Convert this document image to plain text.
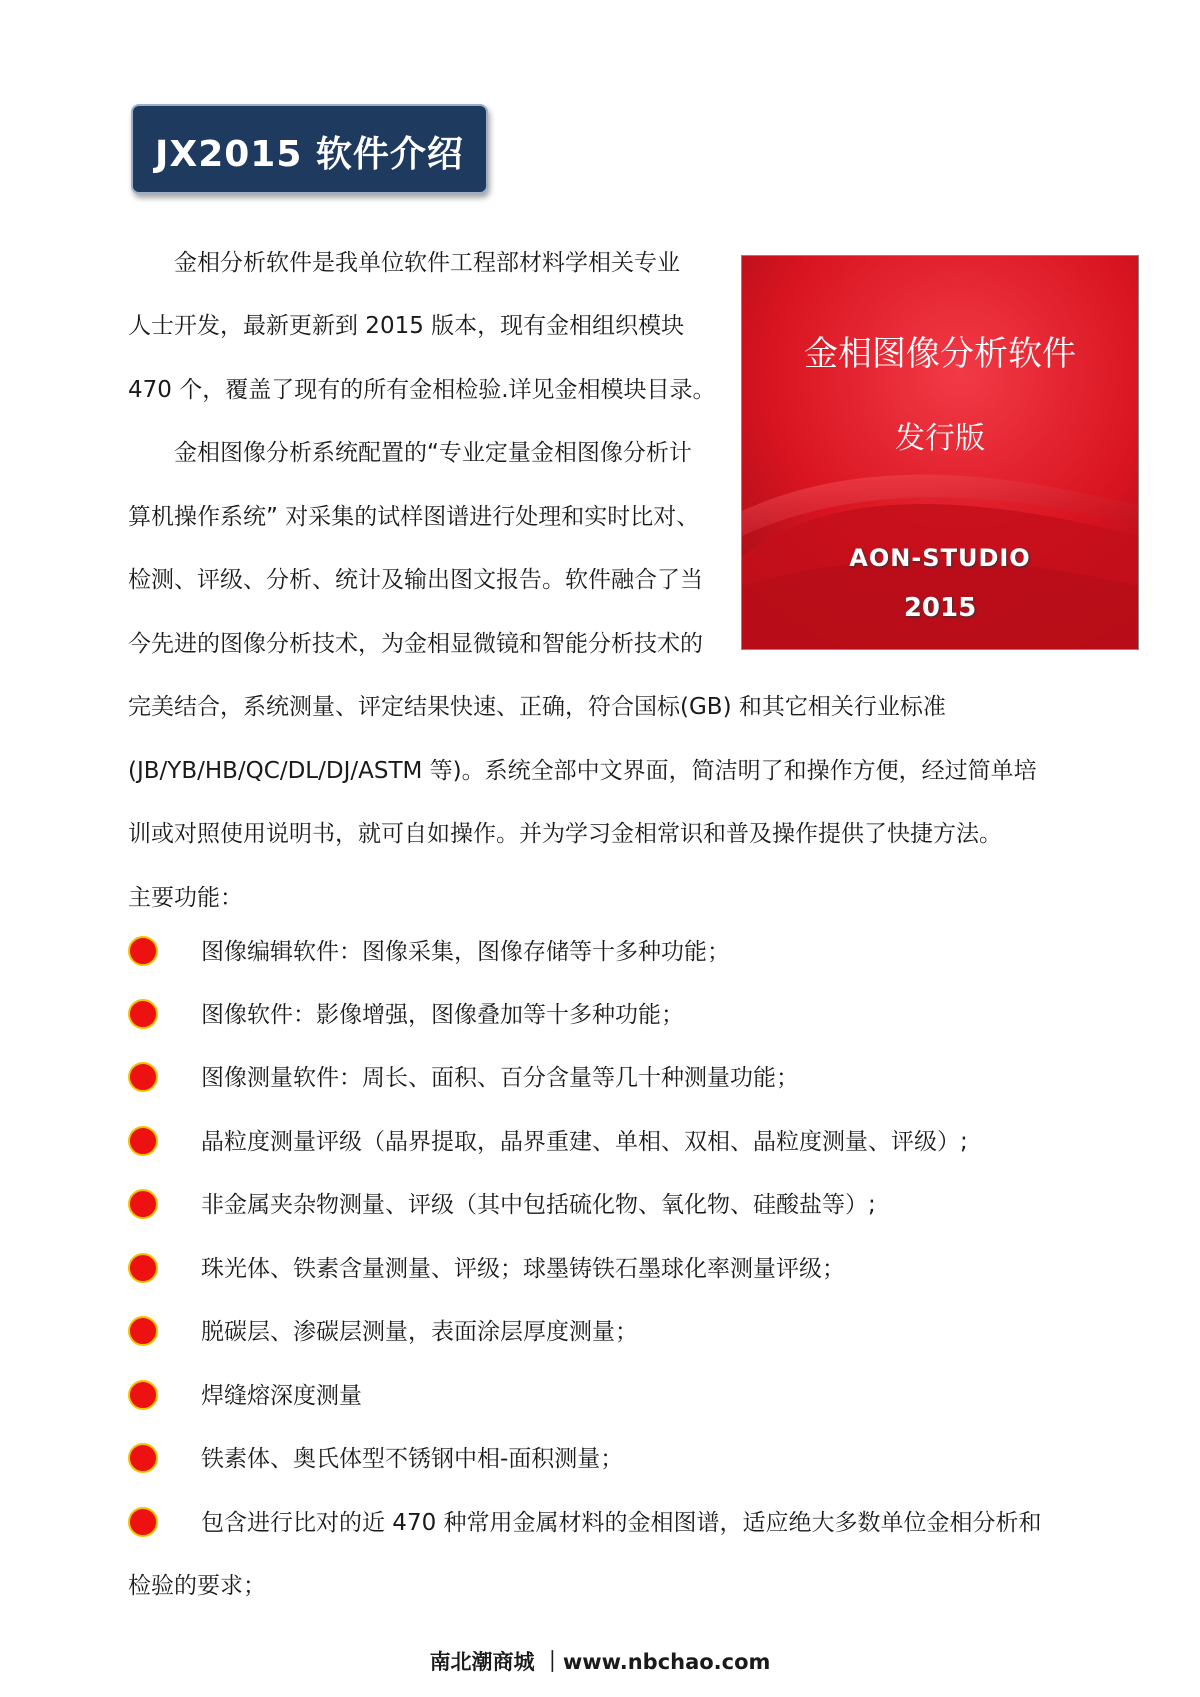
JX2015 软件介绍
　　金相分析软件是我单位软件工程部材料学相关专业
人士开发，最新更新到 2015 版本，现有金相组织模块
470 个，覆盖了现有的所有金相检验.详见金相模块目录。
　　金相图像分析系统配置的“专业定量金相图像分析计
算机操作系统” 对采集的试样图谱进行处理和实时比对、
检测、评级、分析、统计及输出图文报告。软件融合了当
今先进的图像分析技术，为金相显微镜和智能分析技术的
完美结合，系统测量、评定结果快速、正确，符合国标(GB) 和其它相关行业标准
(JB/YB/HB/QC/DL/DJ/ASTM 等)。系统全部中文界面，简洁明了和操作方便，经过简单培
训或对照使用说明书，就可自如操作。并为学习金相常识和普及操作提供了快捷方法。
主要功能：
金相图像分析软件
发行版
AON-STUDIO
2015
图像编辑软件：图像采集，图像存储等十多种功能；
图像软件：影像增强，图像叠加等十多种功能；
图像测量软件：周长、面积、百分含量等几十种测量功能；
晶粒度测量评级（晶界提取，晶界重建、单相、双相、晶粒度测量、评级）;
非金属夹杂物测量、评级（其中包括硫化物、氧化物、硅酸盐等）;
珠光体、铁素含量测量、评级；球墨铸铁石墨球化率测量评级；
脱碳层、渗碳层测量，表面涂层厚度测量；
焊缝熔深度测量
铁素体、奥氏体型不锈钢中相-面积测量；
包含进行比对的近 470 种常用金属材料的金相图谱，适应绝大多数单位金相分析和
检验的要求；
南北潮商城 ｜www.nbchao.com
